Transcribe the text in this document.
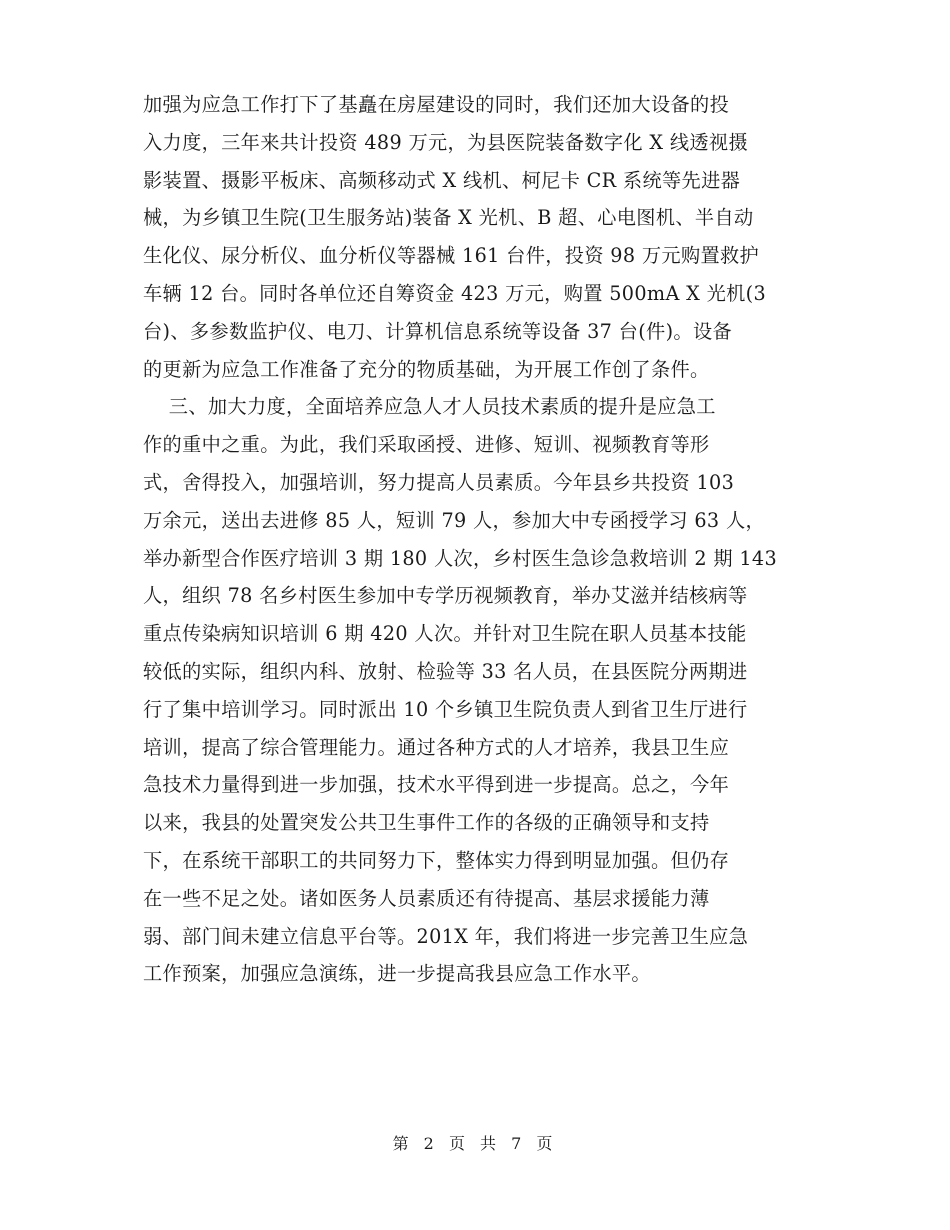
加强为应急工作打下了基矗在房屋建设的同时，我们还加大设备的投
入力度，三年来共计投资 489 万元，为县医院装备数字化 X 线透视摄
影装置、摄影平板床、高频移动式 X 线机、柯尼卡 CR 系统等先进器
械，为乡镇卫生院(卫生服务站)装备 X 光机、B 超、心电图机、半自动
生化仪、尿分析仪、血分析仪等器械 161 台件，投资 98 万元购置救护
车辆 12 台。同时各单位还自筹资金 423 万元，购置 500mA X 光机(3
台)、多参数监护仪、电刀、计算机信息系统等设备 37 台(件)。设备
的更新为应急工作准备了充分的物质基础，为开展工作创了条件。
三、加大力度，全面培养应急人才人员技术素质的提升是应急工
作的重中之重。为此，我们采取函授、进修、短训、视频教育等形
式，舍得投入，加强培训，努力提高人员素质。今年县乡共投资 103
万余元，送出去进修 85 人，短训 79 人，参加大中专函授学习 63 人，
举办新型合作医疗培训 3 期 180 人次，乡村医生急诊急救培训 2 期 143
人，组织 78 名乡村医生参加中专学历视频教育，举办艾滋并结核病等
重点传染病知识培训 6 期 420 人次。并针对卫生院在职人员基本技能
较低的实际，组织内科、放射、检验等 33 名人员，在县医院分两期进
行了集中培训学习。同时派出 10 个乡镇卫生院负责人到省卫生厅进行
培训，提高了综合管理能力。通过各种方式的人才培养，我县卫生应
急技术力量得到进一步加强，技术水平得到进一步提高。总之，今年
以来，我县的处置突发公共卫生事件工作的各级的正确领导和支持
下，在系统干部职工的共同努力下，整体实力得到明显加强。但仍存
在一些不足之处。诸如医务人员素质还有待提高、基层求援能力薄
弱、部门间未建立信息平台等。201X 年，我们将进一步完善卫生应急
工作预案，加强应急演练，进一步提高我县应急工作水平。
第 2 页 共 7 页
